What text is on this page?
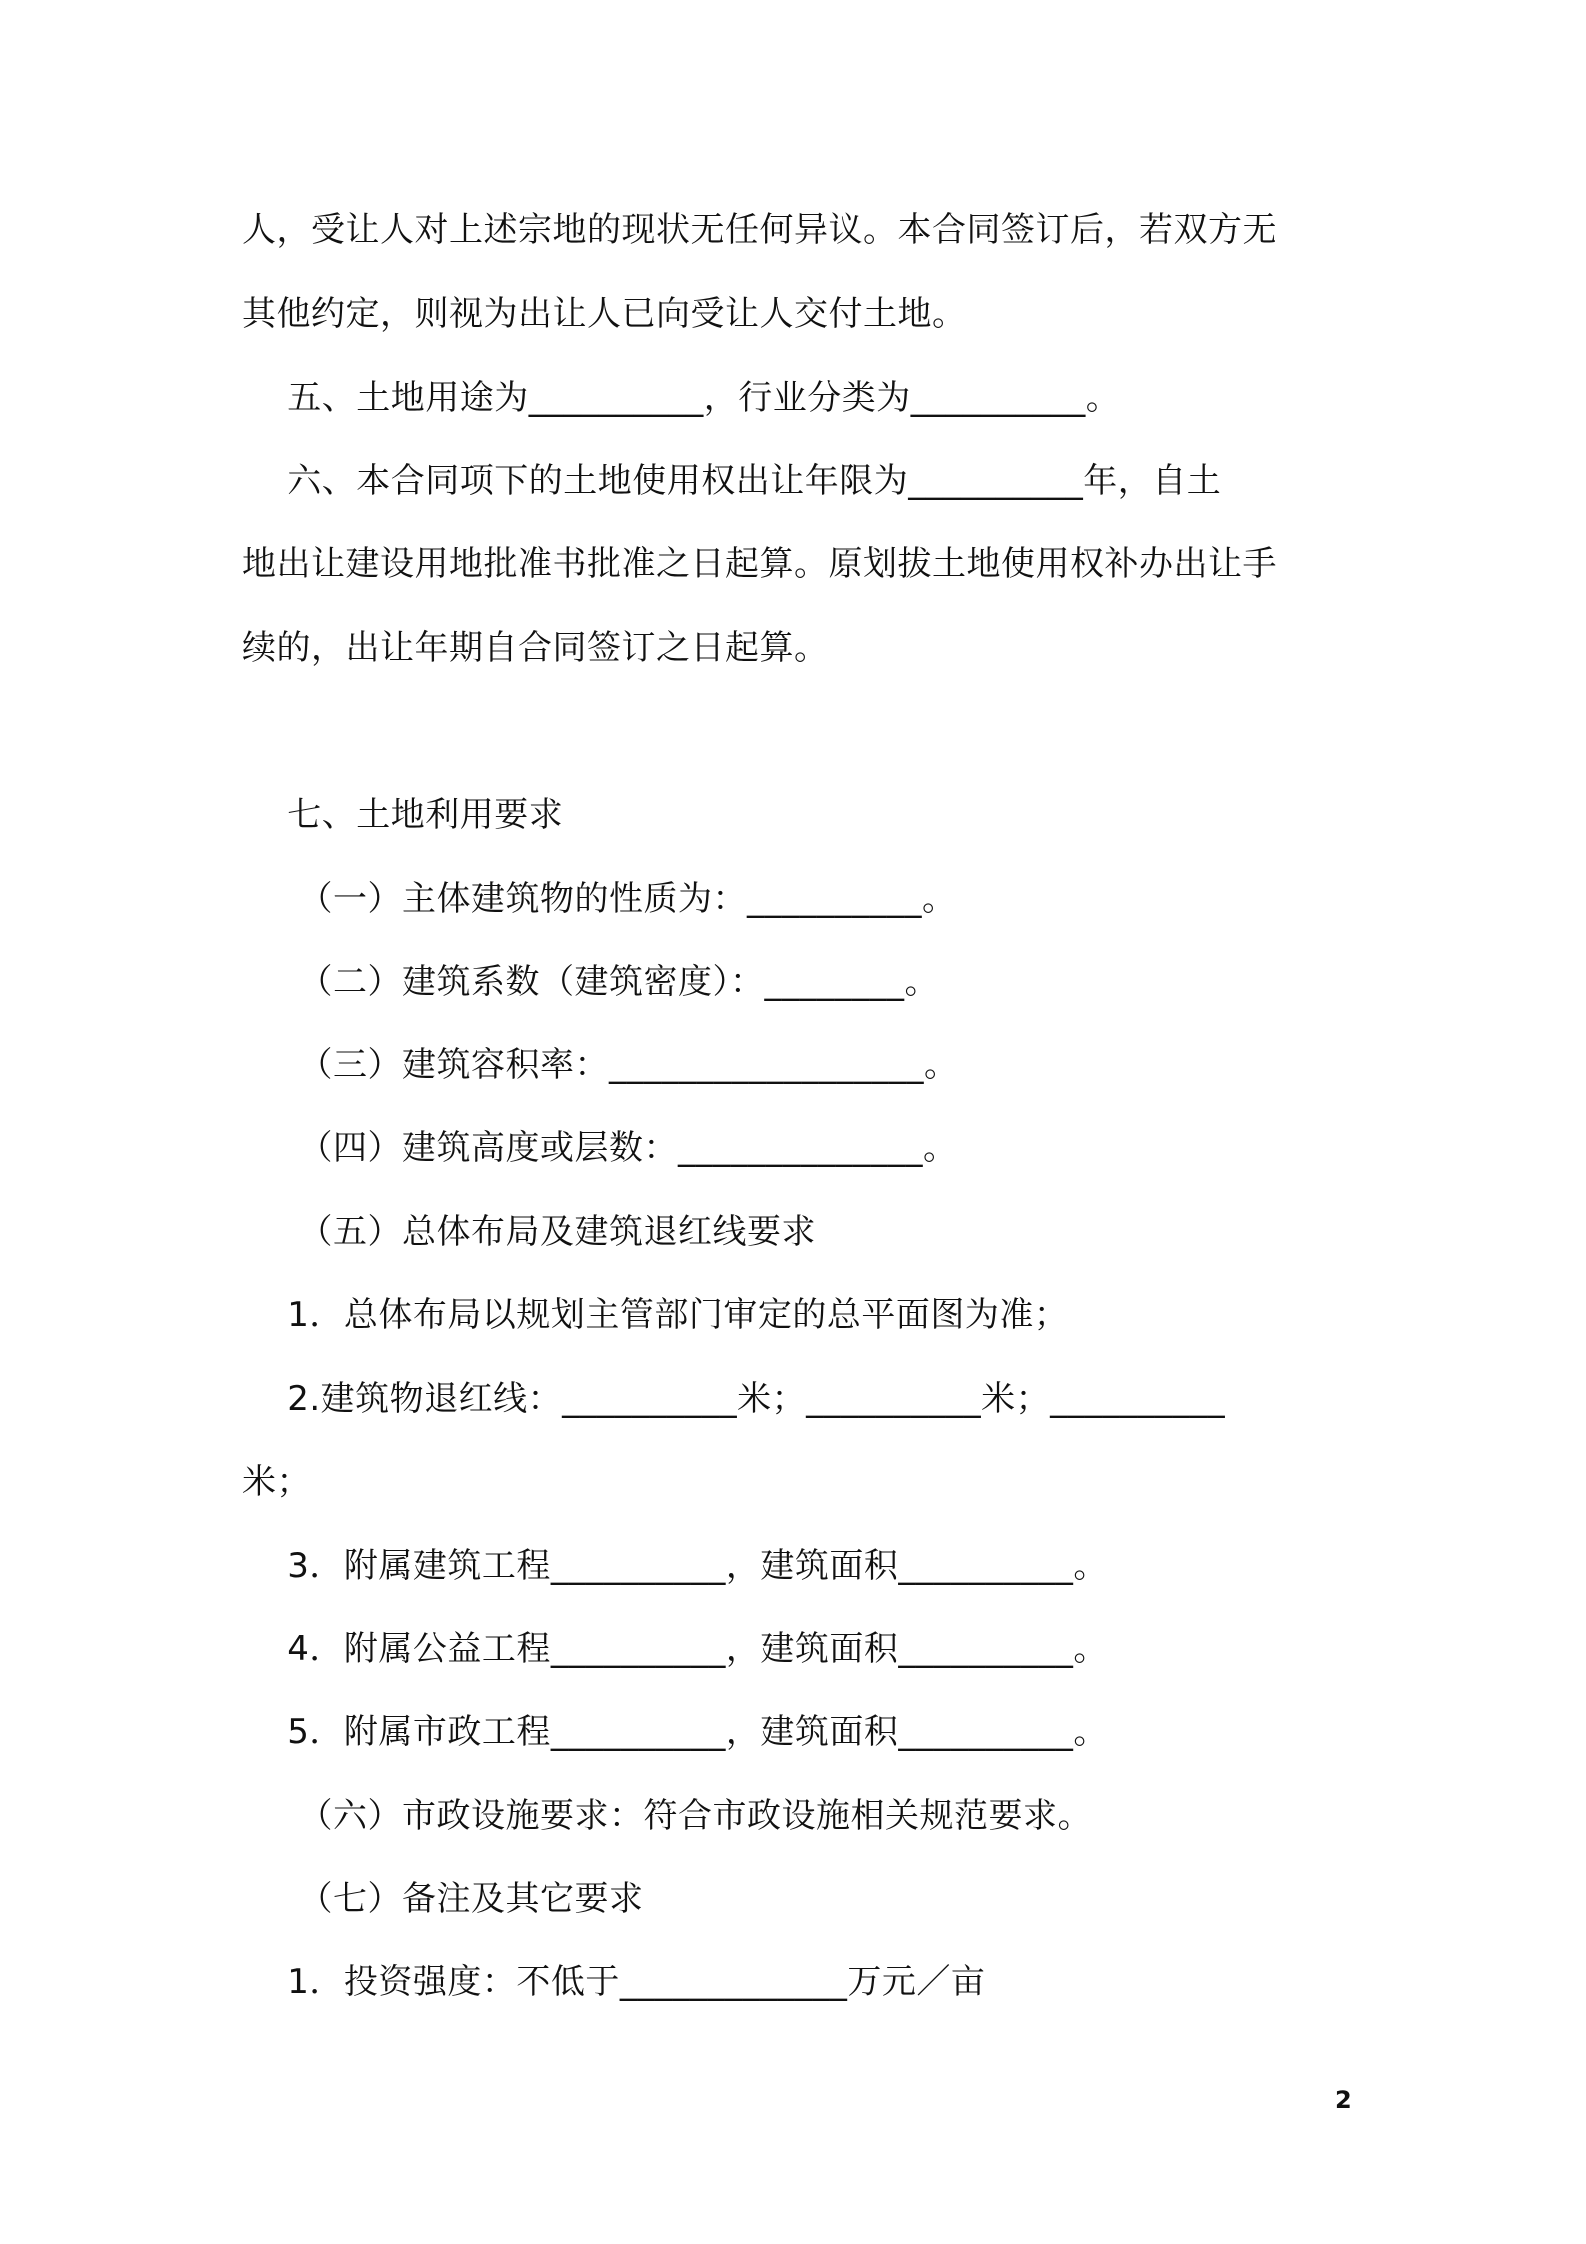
人，受让人对上述宗地的现状无任何异议。本合同签订后，若双方无
其他约定，则视为出让人已向受让人交付土地。
五、土地用途为__________，行业分类为__________。
六、本合同项下的土地使用权出让年限为__________年，自土
地出让建设用地批准书批准之日起算。原划拔土地使用权补办出让手
续的，出让年期自合同签订之日起算。
七、土地利用要求
（一）主体建筑物的性质为：__________。
（二）建筑系数（建筑密度）：________。
（三）建筑容积率：__________________。
（四）建筑高度或层数：______________。
（五）总体布局及建筑退红线要求
1．总体布局以规划主管部门审定的总平面图为准；
2.建筑物退红线：__________米；__________米；__________
米；
3．附属建筑工程__________，建筑面积__________。
4．附属公益工程__________，建筑面积__________。
5．附属市政工程__________，建筑面积__________。
（六）市政设施要求：符合市政设施相关规范要求。
（七）备注及其它要求
1．投资强度：不低于_____________万元／亩
2
